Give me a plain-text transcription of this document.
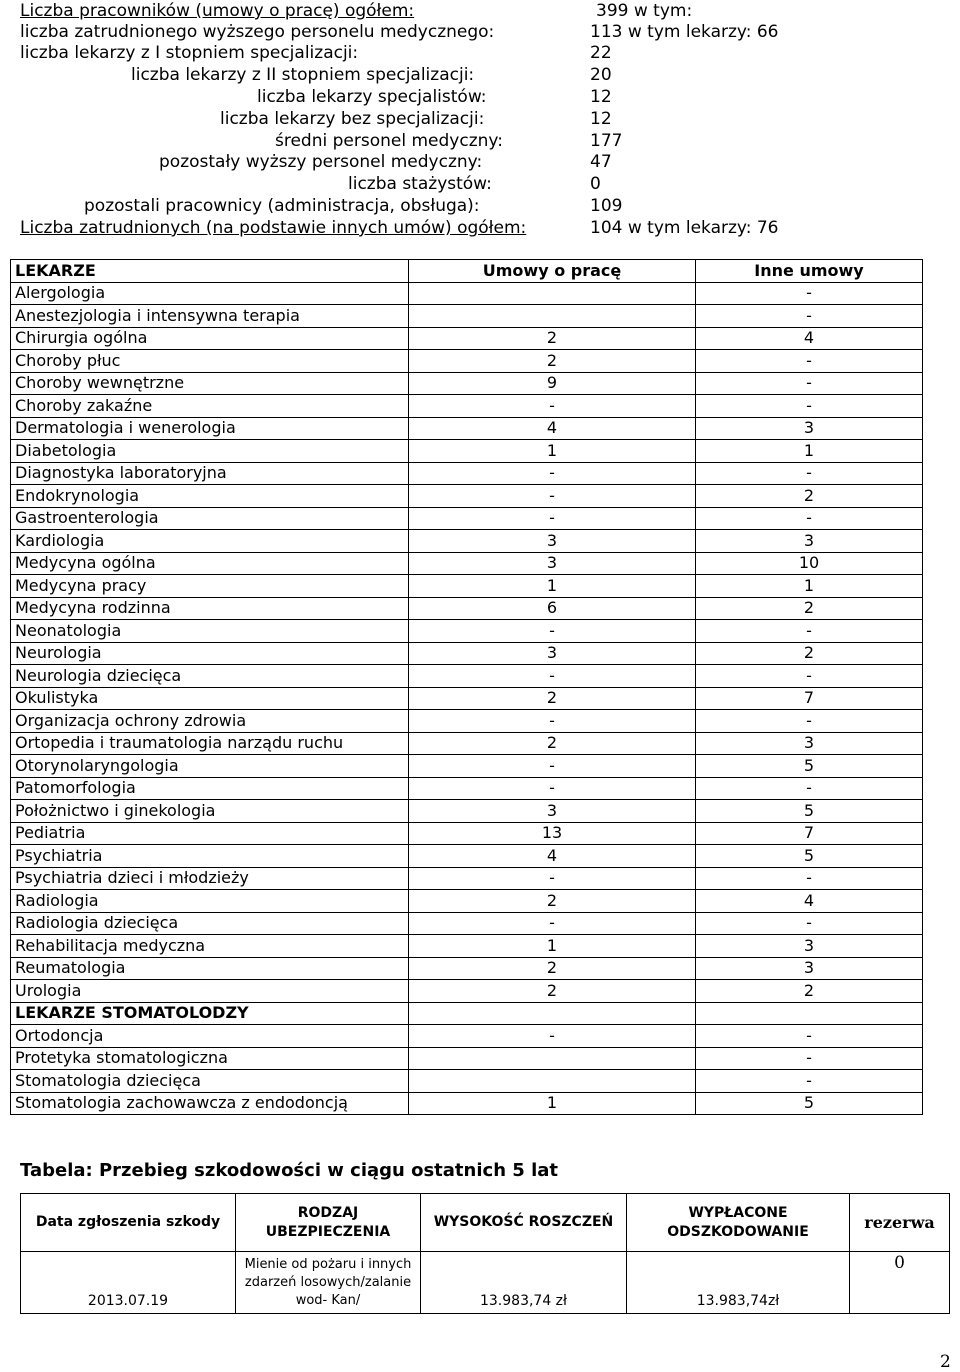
Liczba pracowników (umowy o pracę) ogółem:	399 w tym:
liczba zatrudnionego wyższego personelu medycznego:	113 w tym lekarzy: 66
liczba lekarzy z I stopniem specjalizacji:	22
liczba lekarzy z II stopniem specjalizacji:	20
liczba lekarzy specjalistów:	12
liczba lekarzy bez specjalizacji:	12
średni personel medyczny:	177
pozostały wyższy personel medyczny:	47
liczba stażystów:	0
pozostali pracownicy (administracja, obsługa):	109
Liczba zatrudnionych (na podstawie innych umów) ogółem:	104 w tym lekarzy: 76
LEKARZE	Umowy o pracę	Inne umowy
Alergologia		-
Anestezjologia i intensywna terapia		-
Chirurgia ogólna	2	4
Choroby płuc	2	-
Choroby wewnętrzne	9	-
Choroby zakaźne	-	-
Dermatologia i wenerologia	4	3
Diabetologia	1	1
Diagnostyka laboratoryjna	-	-
Endokrynologia	-	2
Gastroenterologia	-	-
Kardiologia	3	3
Medycyna ogólna	3	10
Medycyna pracy	1	1
Medycyna rodzinna	6	2
Neonatologia	-	-
Neurologia	3	2
Neurologia dziecięca	-	-
Okulistyka	2	7
Organizacja ochrony zdrowia	-	-
Ortopedia i traumatologia narządu ruchu	2	3
Otorynolaryngologia	-	5
Patomorfologia	-	-
Położnictwo i ginekologia	3	5
Pediatria	13	7
Psychiatria	4	5
Psychiatria dzieci i młodzieży	-	-
Radiologia	2	4
Radiologia dziecięca	-	-
Rehabilitacja medyczna	1	3
Reumatologia	2	3
Urologia	2	2
LEKARZE STOMATOLODZY		
Ortodoncja	-	-
Protetyka stomatologiczna		-
Stomatologia dziecięca		-
Stomatologia zachowawcza z endodoncją	1	5
Tabela: Przebieg szkodowości w ciągu ostatnich 5 lat
Data zgłoszenia szkody	RODZAJ UBEZPIECZENIA	WYSOKOŚĆ ROSZCZEŃ	WYPŁACONE ODSZKODOWANIE	rezerwa
2013.07.19	Mienie od pożaru i innych zdarzeń losowych/zalanie wod- Kan/	13.983,74 zł	13.983,74zł	0
2
